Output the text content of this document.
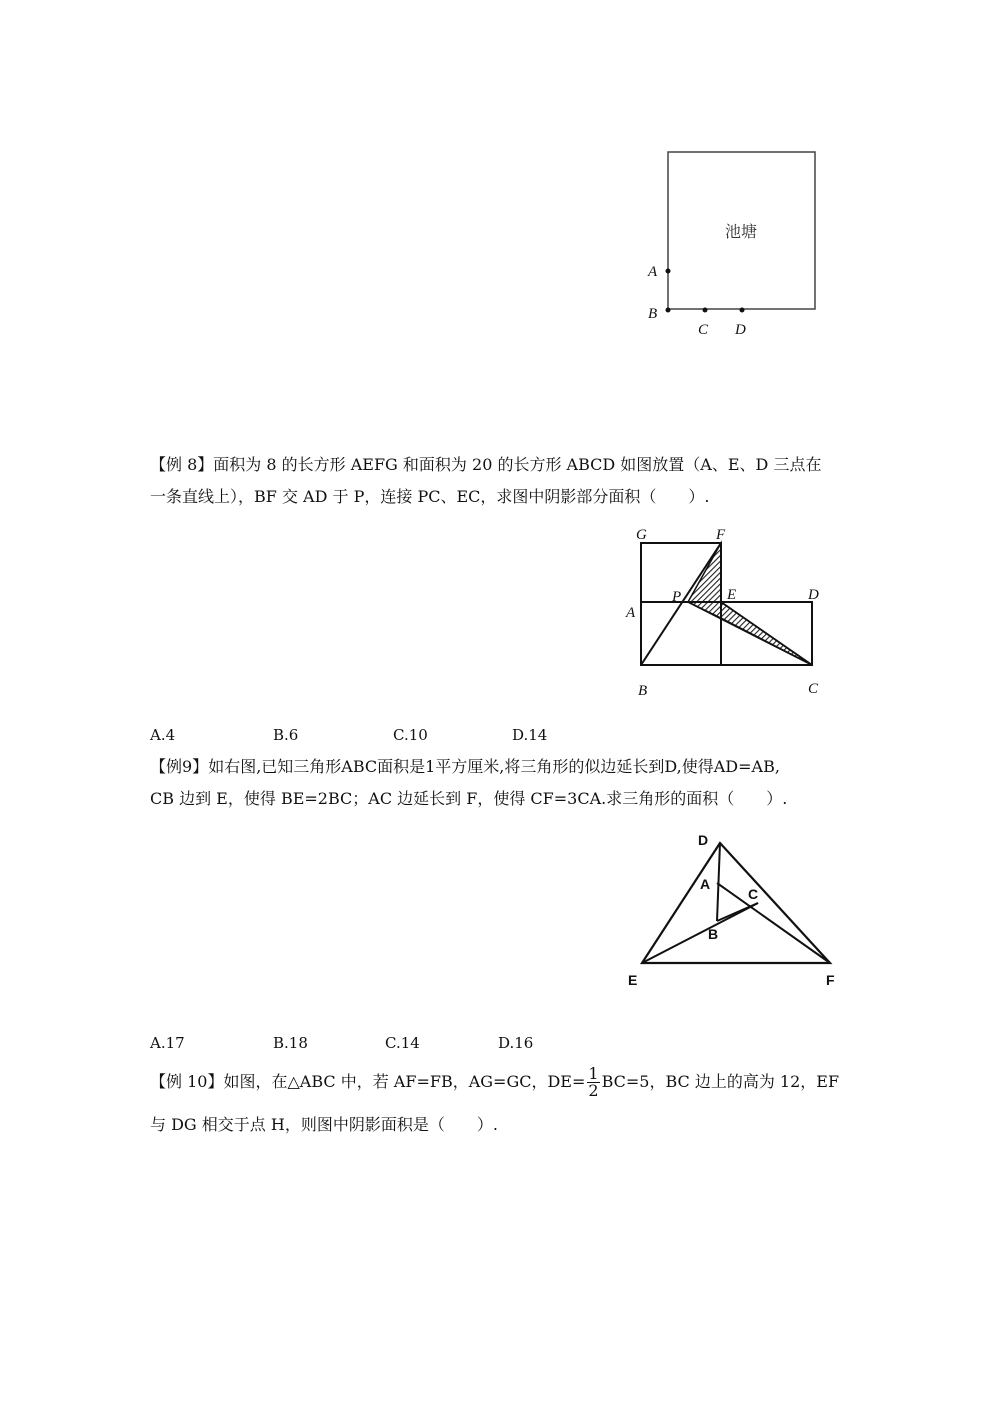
池塘
A
B
C D
【例 8】面积为 8 的长方形 AEFG 和面积为 20 的长方形 ABCD 如图放置（A、E、D 三点在
一条直线上），BF 交 AD 于 P，连接 PC、EC，求图中阴影部分面积（　　）.
G	F
P	E	D
A
B	C
A.4	B.6	C.10	D.14
【例9】如右图,已知三角形ABC面积是1平方厘米,将三角形的似边延长到D,使得AD=AB,
CB 边到 E，使得 BE=2BC；AC 边延长到 F，使得 CF=3CA.求三角形的面积（　　）.
D
A
C
B
E	F
A.17	B.18	C.14	D.16
【例 10】如图，在△ABC 中，若 AF=FB，AG=GC，$DE= \frac{1}{2} BC=5$，BC 边上的高为 12，EF
与 DG 相交于点 H，则图中阴影面积是（　　）.
